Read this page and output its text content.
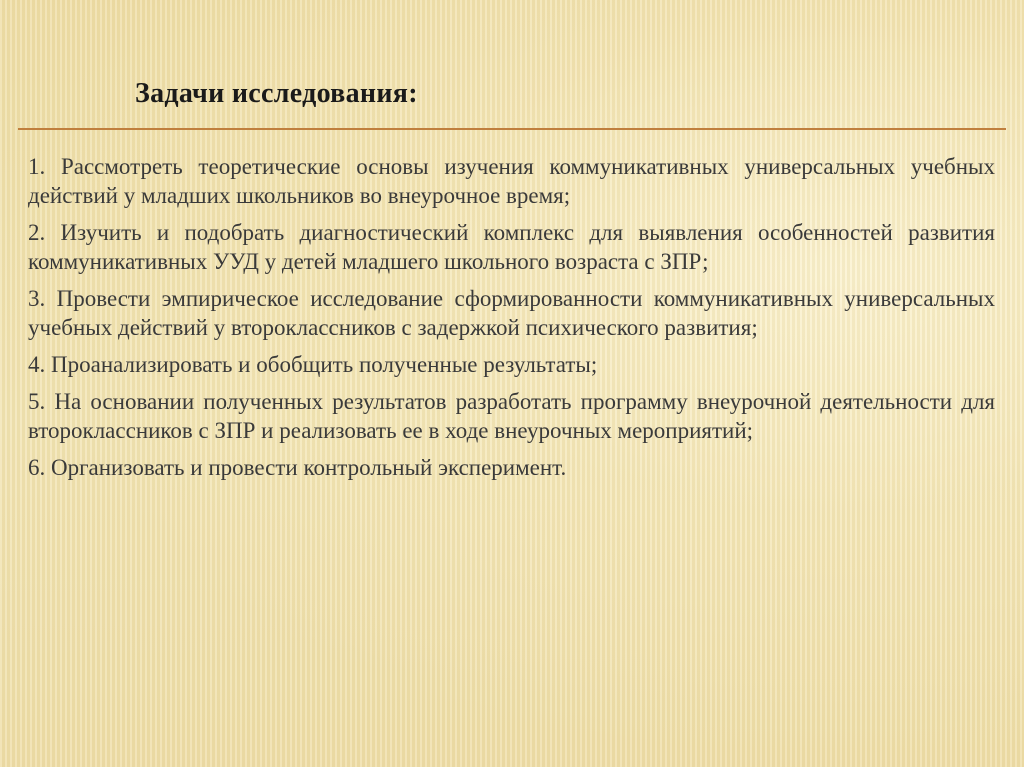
Задачи исследования:
1. Рассмотреть теоретические основы изучения коммуникативных универсальных учебных действий у младших школьников во внеурочное время;
2. Изучить и подобрать диагностический комплекс для выявления особенностей развития коммуникативных УУД у детей младшего школьного возраста с ЗПР;
3. Провести эмпирическое исследование сформированности коммуникативных универсальных учебных действий у второклассников с задержкой психического развития;
4. Проанализировать и обобщить полученные результаты;
5. На основании полученных результатов разработать программу внеурочной деятельности для второклассников с ЗПР и реализовать ее в ходе внеурочных мероприятий;
6. Организовать и провести контрольный эксперимент.
